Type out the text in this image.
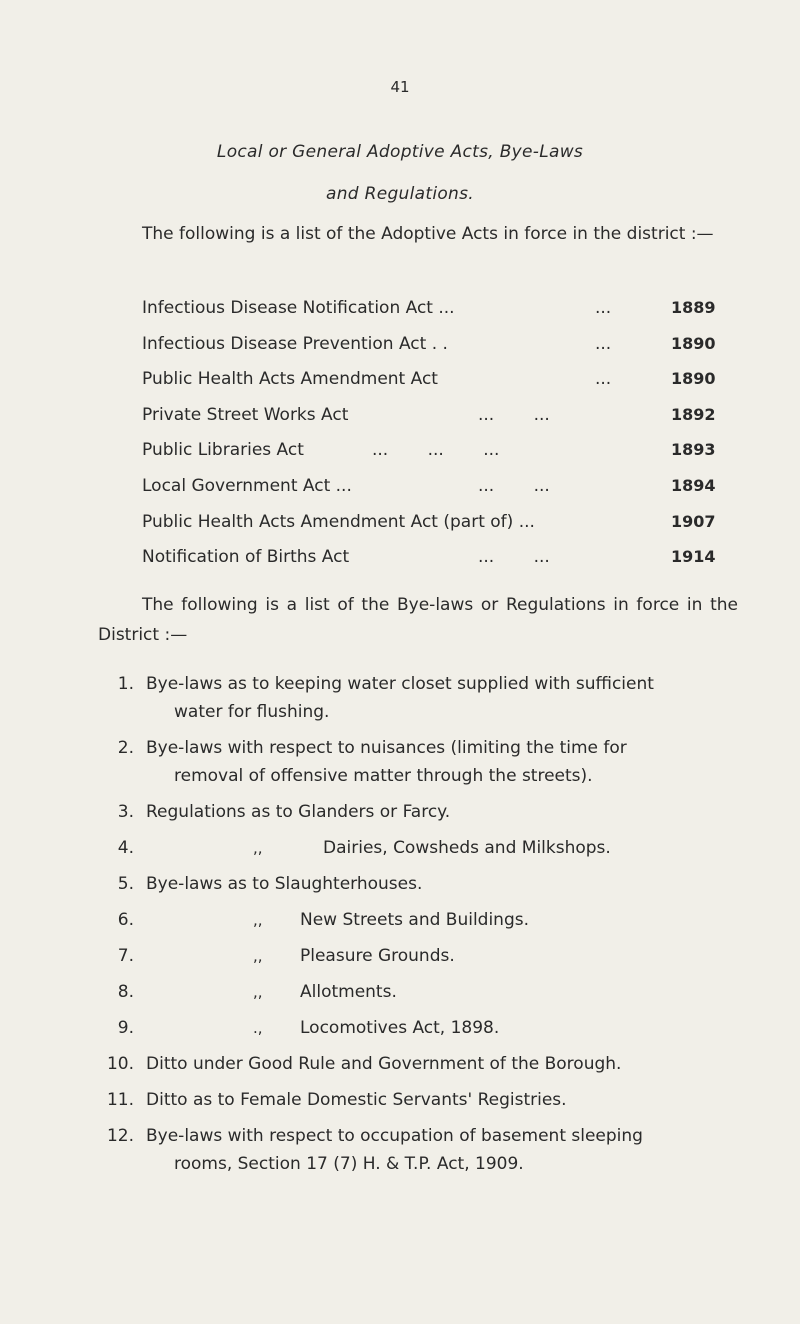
41
Local or General Adoptive Acts, Bye-Laws
and Regulations.
The following is a list of the Adoptive Acts in force in the district :—
Infectious Disease Notification Act ...	...	1889
Infectious Disease Prevention Act . .	...	1890
Public Health Acts Amendment Act	...	1890
Private Street Works Act	... ...	1892
Public Libraries Act	... ... ...	1893
Local Government Act ...	... ...	1894
Public Health Acts Amendment Act (part of) ...	1907
Notification of Births Act	... ...	1914
The following is a list of the Bye-laws or Regulations in force in the District :—
1. Bye-laws as to keeping water closet supplied with sufficient
water for flushing.
2. Bye-laws with respect to nuisances (limiting the time for
removal of offensive matter through the streets).
3. Regulations as to Glanders or Farcy.
4.	,,	Dairies, Cowsheds and Milkshops.
5. Bye-laws as to Slaughterhouses.
6.	,, New Streets and Buildings.
7.	,, Pleasure Grounds.
8.	,, Allotments.
9.	., Locomotives Act, 1898.
10. Ditto under Good Rule and Government of the Borough.
11. Ditto as to Female Domestic Servants' Registries.
12. Bye-laws with respect to occupation of basement sleeping
rooms, Section 17 (7) H. & T.P. Act, 1909.
